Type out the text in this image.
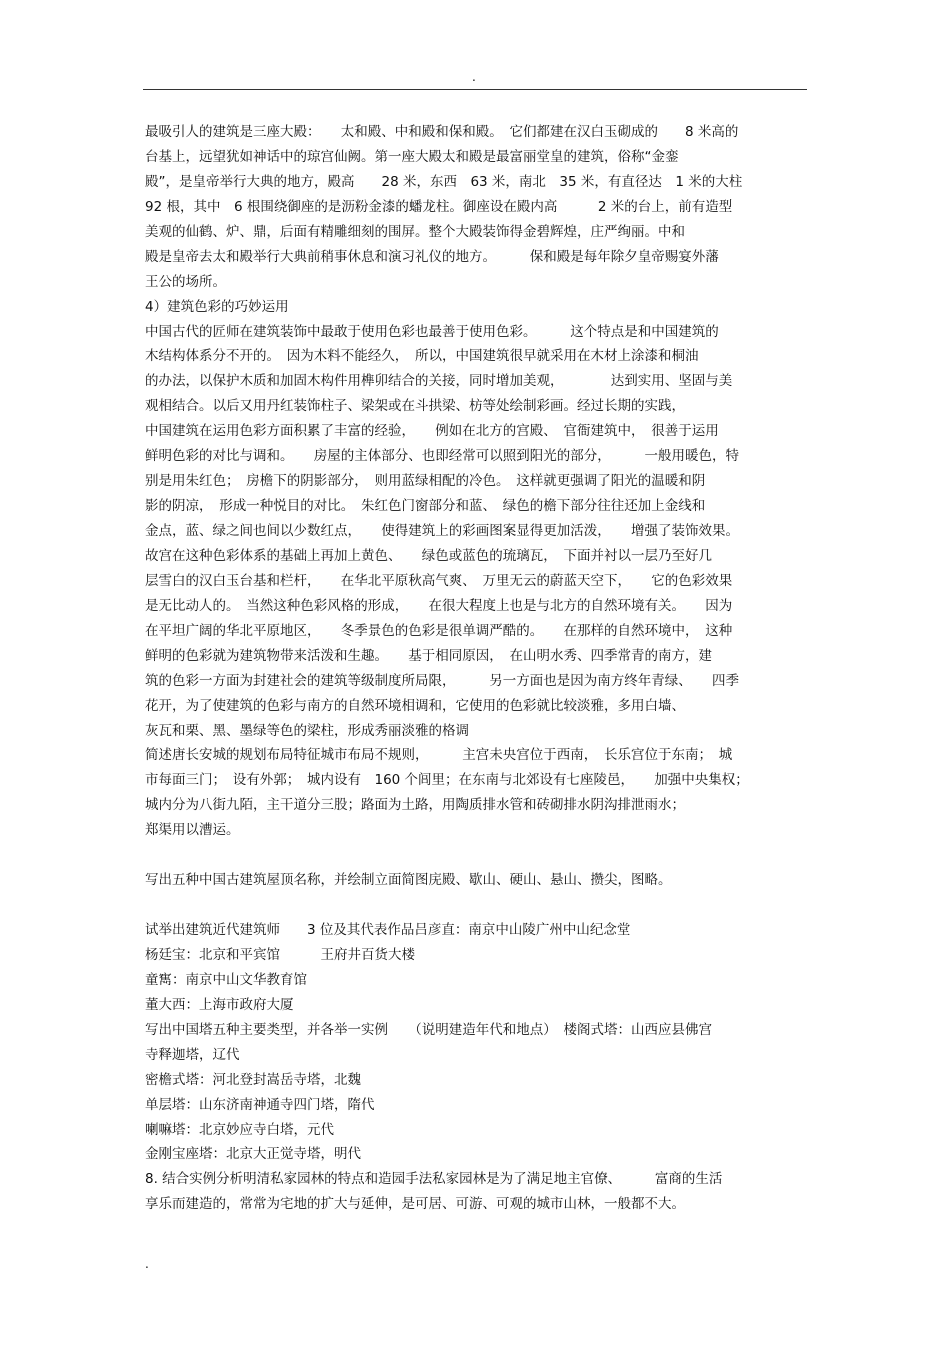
.
最吸引人的建筑是三座大殿：　　太和殿、中和殿和保和殿。　它们都建在汉白玉砌成的　　8 米高的
台基上，远望犹如神话中的琼宫仙阙。第一座大殿太和殿是最富丽堂皇的建筑，俗称“金銮
殿”，是皇帝举行大典的地方，殿高　　28 米，东西　63 米，南北　35 米，有直径达　1 米的大柱
92 根，其中　6 根围绕御座的是沥粉金漆的蟠龙柱。御座设在殿内高　　　2 米的台上，前有造型
美观的仙鹤、炉、鼎，后面有精雕细刻的围屏。整个大殿装饰得金碧辉煌，庄严绚丽。中和
殿是皇帝去太和殿举行大典前稍事休息和演习礼仪的地方。　　　保和殿是每年除夕皇帝赐宴外藩
王公的场所。
4）建筑色彩的巧妙运用
中国古代的匠师在建筑装饰中最敢于使用色彩也最善于使用色彩。　　　这个特点是和中国建筑的
木结构体系分不开的。　因为木料不能经久，　所以，中国建筑很早就采用在木材上涂漆和桐油
的办法，以保护木质和加固木构件用榫卯结合的关接，同时增加美观，　　　　达到实用、坚固与美
观相结合。以后又用丹红装饰柱子、梁架或在斗拱梁、枋等处绘制彩画。经过长期的实践，
中国建筑在运用色彩方面积累了丰富的经验，　　例如在北方的宫殿、　官衙建筑中，　很善于运用
鲜明色彩的对比与调和。　　房屋的主体部分、也即经常可以照到阳光的部分，　　　一般用暖色，特
别是用朱红色；　房檐下的阴影部分，　则用蓝绿相配的冷色。　这样就更强调了阳光的温暖和阴
影的阴凉，　形成一种悦目的对比。　朱红色门窗部分和蓝、　绿色的檐下部分往往还加上金线和
金点，蓝、绿之间也间以少数红点，　　使得建筑上的彩画图案显得更加活泼，　　增强了装饰效果。
故宫在这种色彩体系的基础上再加上黄色、　　绿色或蓝色的琉璃瓦，　下面并衬以一层乃至好几
层雪白的汉白玉台基和栏杆，　　在华北平原秋高气爽、　万里无云的蔚蓝天空下，　　它的色彩效果
是无比动人的。　当然这种色彩风格的形成，　　在很大程度上也是与北方的自然环境有关。　　因为
在平坦广阔的华北平原地区，　　冬季景色的色彩是很单调严酷的。　　在那样的自然环境中，　这种
鲜明的色彩就为建筑物带来活泼和生趣。　　基于相同原因，　在山明水秀、四季常青的南方，建
筑的色彩一方面为封建社会的建筑等级制度所局限，　　　另一方面也是因为南方终年青绿、　　四季
花开，为了使建筑的色彩与南方的自然环境相调和，它使用的色彩就比较淡雅，多用白墙、
灰瓦和栗、黑、墨绿等色的梁柱，形成秀丽淡雅的格调
简述唐长安城的规划布局特征城市布局不规则，　　　主宫未央宫位于西南，　长乐宫位于东南；　城
市每面三门；　设有外郭；　城内设有　160 个闾里；在东南与北郊设有七座陵邑，　　加强中央集权；
城内分为八街九陌，主干道分三股；路面为土路，用陶质排水管和砖砌排水阴沟排泄雨水；
郑渠用以漕运。
写出五种中国古建筑屋顶名称，并绘制立面简图庑殿、歇山、硬山、悬山、攒尖，图略。
试举出建筑近代建筑师　　3 位及其代表作品吕彦直：南京中山陵广州中山纪念堂
杨廷宝：北京和平宾馆　　　王府井百货大楼
童寯：南京中山文华教育馆
董大西：上海市政府大厦
写出中国塔五种主要类型，并各举一实例　　（说明建造年代和地点）　楼阁式塔：山西应县佛宫
寺释迦塔，辽代
密檐式塔：河北登封嵩岳寺塔，北魏
单层塔：山东济南神通寺四门塔，隋代
喇嘛塔：北京妙应寺白塔，元代
金刚宝座塔：北京大正觉寺塔，明代
8. 结合实例分析明清私家园林的特点和造园手法私家园林是为了满足地主官僚、　　　富商的生活
享乐而建造的，常常为宅地的扩大与延伸，是可居、可游、可观的城市山林，一般都不大。
.
